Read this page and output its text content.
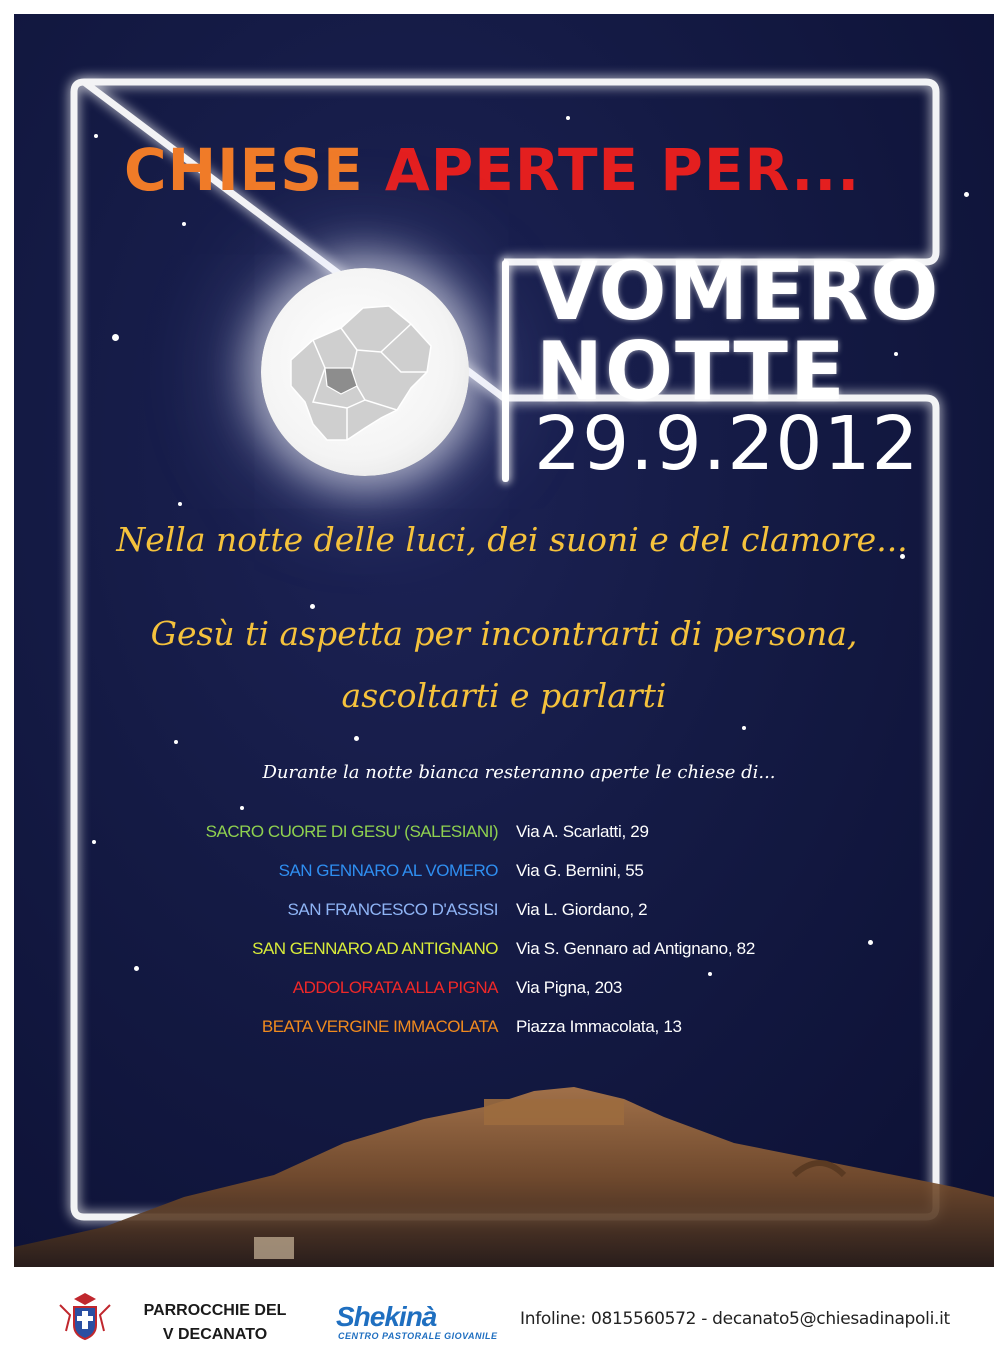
CHIESE APERTE PER...
VOMERO
NOTTE
29.9.2012

Nella notte delle luci, dei suoni e del clamore...

Gesù ti aspetta per incontrarti di persona,

ascoltarti e parlarti

Durante la notte bianca resteranno aperte le chiese di...
SACRO CUORE DI GESU' (SALESIANI) Via A. Scarlatti, 29
SAN GENNARO AL VOMERO Via G. Bernini, 55
SAN FRANCESCO D'ASSISI Via L. Giordano, 2
SAN GENNARO AD ANTIGNANO Via S. Gennaro ad Antignano, 82
ADDOLORATA ALLA PIGNA Via Pigna, 203
BEATA VERGINE IMMACOLATA Piazza Immacolata, 13
PARROCCHIE DEL
V DECANATO
Shekinà
CENTRO PASTORALE GIOVANILE
Infoline: 0815560572 - decanato5@chiesadinapoli.it
